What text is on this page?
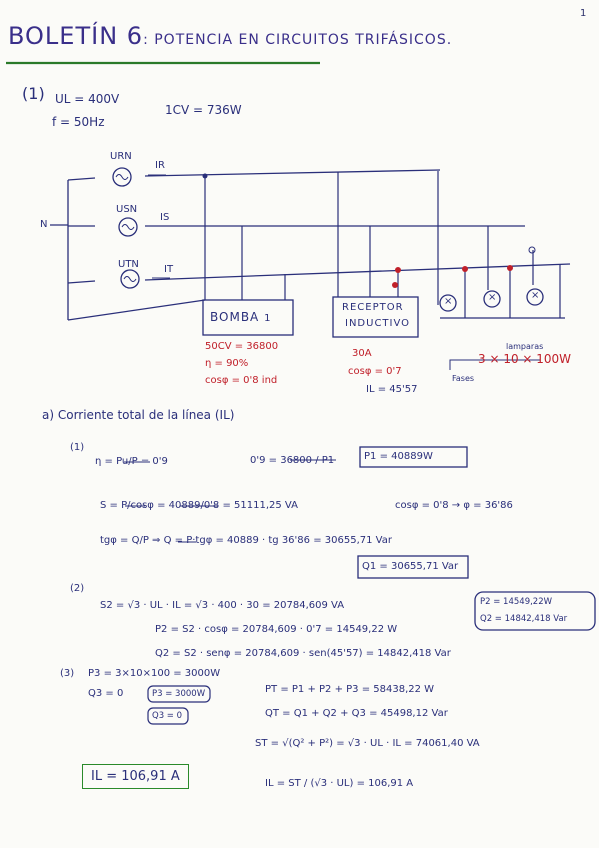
BOLETÍN 6: POTENCIA EN CIRCUITOS TRIFÁSICOS.
1
(1) UL = 400V
f = 50Hz
1CV = 736W
URN
USN
UTN
IR
IS
IT
N
BOMBA 1
RECEPTOR
INDUCTIVO
×	×	×
50CV = 36800
η = 90%
cosφ = 0'8 ind
30A
cosφ = 0'7
IL = 45'57
lamparas
3 × 10 × 100W
Fases
a) Corriente total de la línea (IL)
(1)
η = Pu/P = 0'9	0'9 = 36800 / P1	P1 = 40889W
S = P/cosφ = 40889/0'8 = 51111,25 VA	cosφ = 0'8 → φ = 36'86
tgφ = Q/P ⇒ Q = P·tgφ = 40889 · tg 36'86 = 30655,71 Var
Q1 = 30655,71 Var
(2)
S2 = √3 · UL · IL = √3 · 400 · 30 = 20784,609 VA
P2 = S2 · cosφ = 20784,609 · 0'7 = 14549,22 W
Q2 = S2 · senφ = 20784,609 · sen(45'57) = 14842,418 Var
P2 = 14549,22W
Q2 = 14842,418 Var
(3) P3 = 3×10×100 = 3000W
Q3 = 0	P3 = 3000W
Q3 = 0
PT = P1 + P2 + P3 = 58438,22 W
QT = Q1 + Q2 + Q3 = 45498,12 Var
ST = √(Q² + P²) = √3 · UL · IL = 74061,40 VA
IL = ST / (√3 · UL) = 106,91 A
IL = 106,91 A
